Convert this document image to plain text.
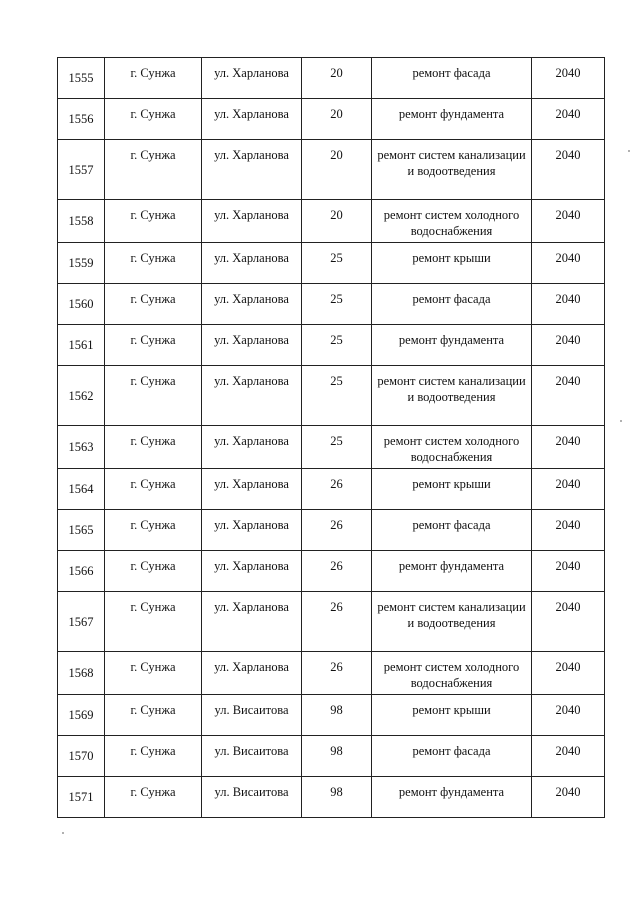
1555	г. Сунжа	ул. Харланова	20	ремонт фасада	2040
1556	г. Сунжа	ул. Харланова	20	ремонт фундамента	2040
1557	г. Сунжа	ул. Харланова	20	ремонт систем канализации и водоотведения	2040
1558	г. Сунжа	ул. Харланова	20	ремонт систем холодного водоснабжения	2040
1559	г. Сунжа	ул. Харланова	25	ремонт крыши	2040
1560	г. Сунжа	ул. Харланова	25	ремонт фасада	2040
1561	г. Сунжа	ул. Харланова	25	ремонт фундамента	2040
1562	г. Сунжа	ул. Харланова	25	ремонт систем канализации и водоотведения	2040
1563	г. Сунжа	ул. Харланова	25	ремонт систем холодного водоснабжения	2040
1564	г. Сунжа	ул. Харланова	26	ремонт крыши	2040
1565	г. Сунжа	ул. Харланова	26	ремонт фасада	2040
1566	г. Сунжа	ул. Харланова	26	ремонт фундамента	2040
1567	г. Сунжа	ул. Харланова	26	ремонт систем канализации и водоотведения	2040
1568	г. Сунжа	ул. Харланова	26	ремонт систем холодного водоснабжения	2040
1569	г. Сунжа	ул. Висаитова	98	ремонт крыши	2040
1570	г. Сунжа	ул. Висаитова	98	ремонт фасада	2040
1571	г. Сунжа	ул. Висаитова	98	ремонт фундамента	2040
